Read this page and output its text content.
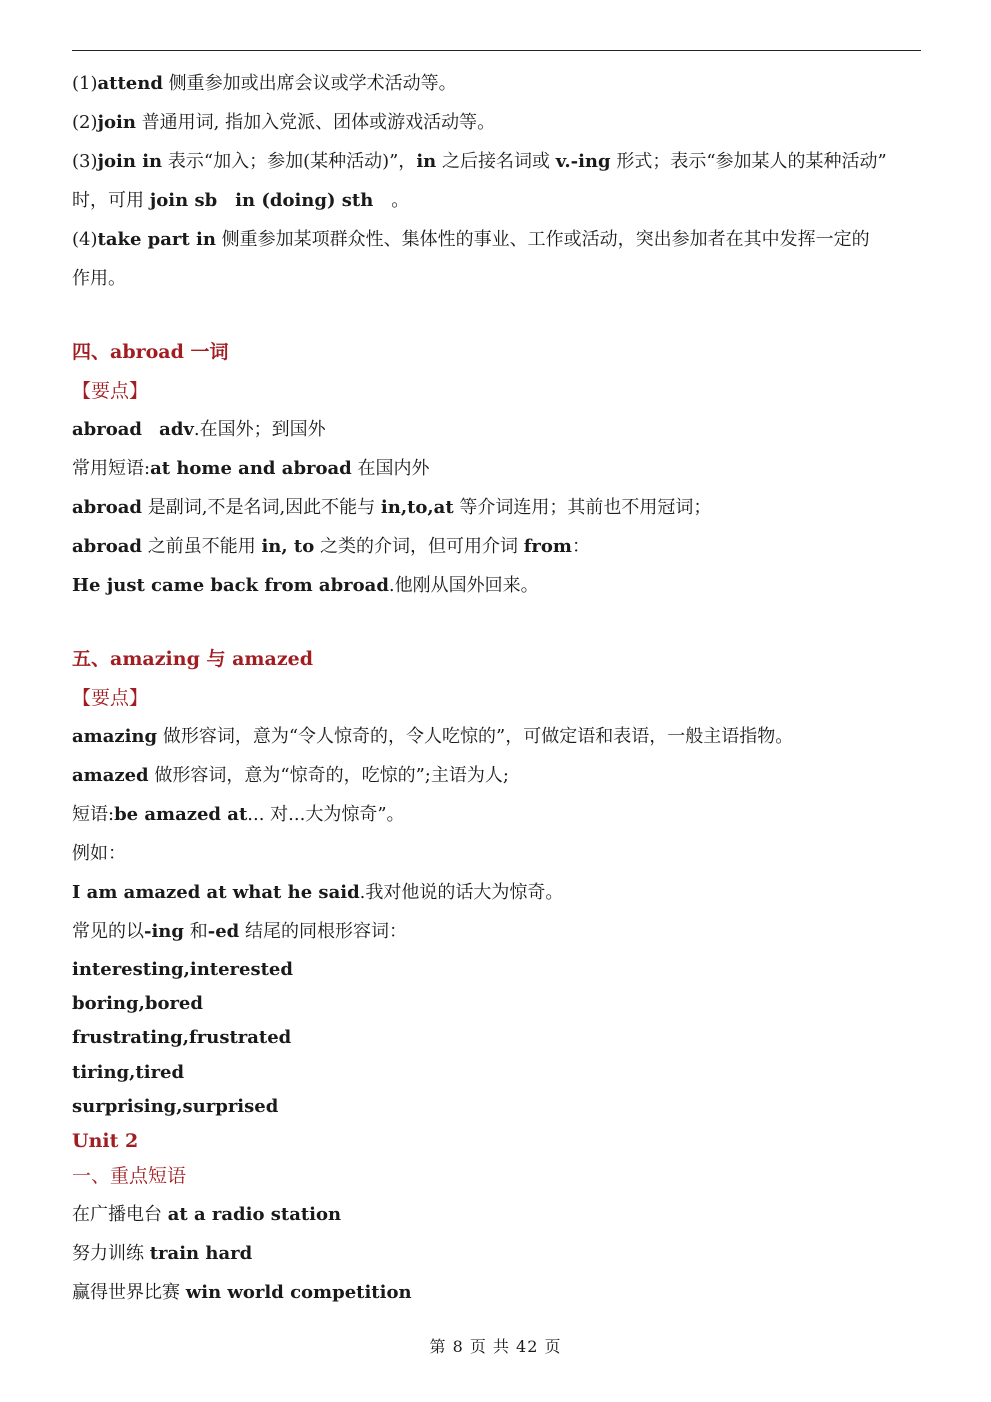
(1)attend 侧重参加或出席会议或学术活动等。
(2)join 普通用词, 指加入党派、团体或游戏活动等。
(3)join in 表示“加入；参加(某种活动)”，in 之后接名词或 v.-ing 形式；表示“参加某人的某种活动”
时，可用 join sb　in (doing) sth　。
(4)take part in 侧重参加某项群众性、集体性的事业、工作或活动，突出参加者在其中发挥一定的
作用。
四、abroad 一词
【要点】
abroad adv.在国外；到国外
常用短语:at home and abroad 在国内外
abroad 是副词,不是名词,因此不能与 in,to,at 等介词连用；其前也不用冠词；
abroad 之前虽不能用 in, to 之类的介词，但可用介词 from：
He just came back from abroad.他刚从国外回来。
五、amazing 与 amazed
【要点】
amazing 做形容词，意为“令人惊奇的，令人吃惊的”，可做定语和表语，一般主语指物。
amazed 做形容词，意为“惊奇的，吃惊的”;主语为人;
短语:be amazed at... 对...大为惊奇”。
例如：
I am amazed at what he said.我对他说的话大为惊奇。
常见的以-ing 和-ed 结尾的同根形容词：
interesting,interested
boring,bored
frustrating,frustrated
tiring,tired
surprising,surprised
Unit 2
一、重点短语
在广播电台 at a radio station
努力训练 train hard
赢得世界比赛 win world competition
第 8 页 共 42 页
